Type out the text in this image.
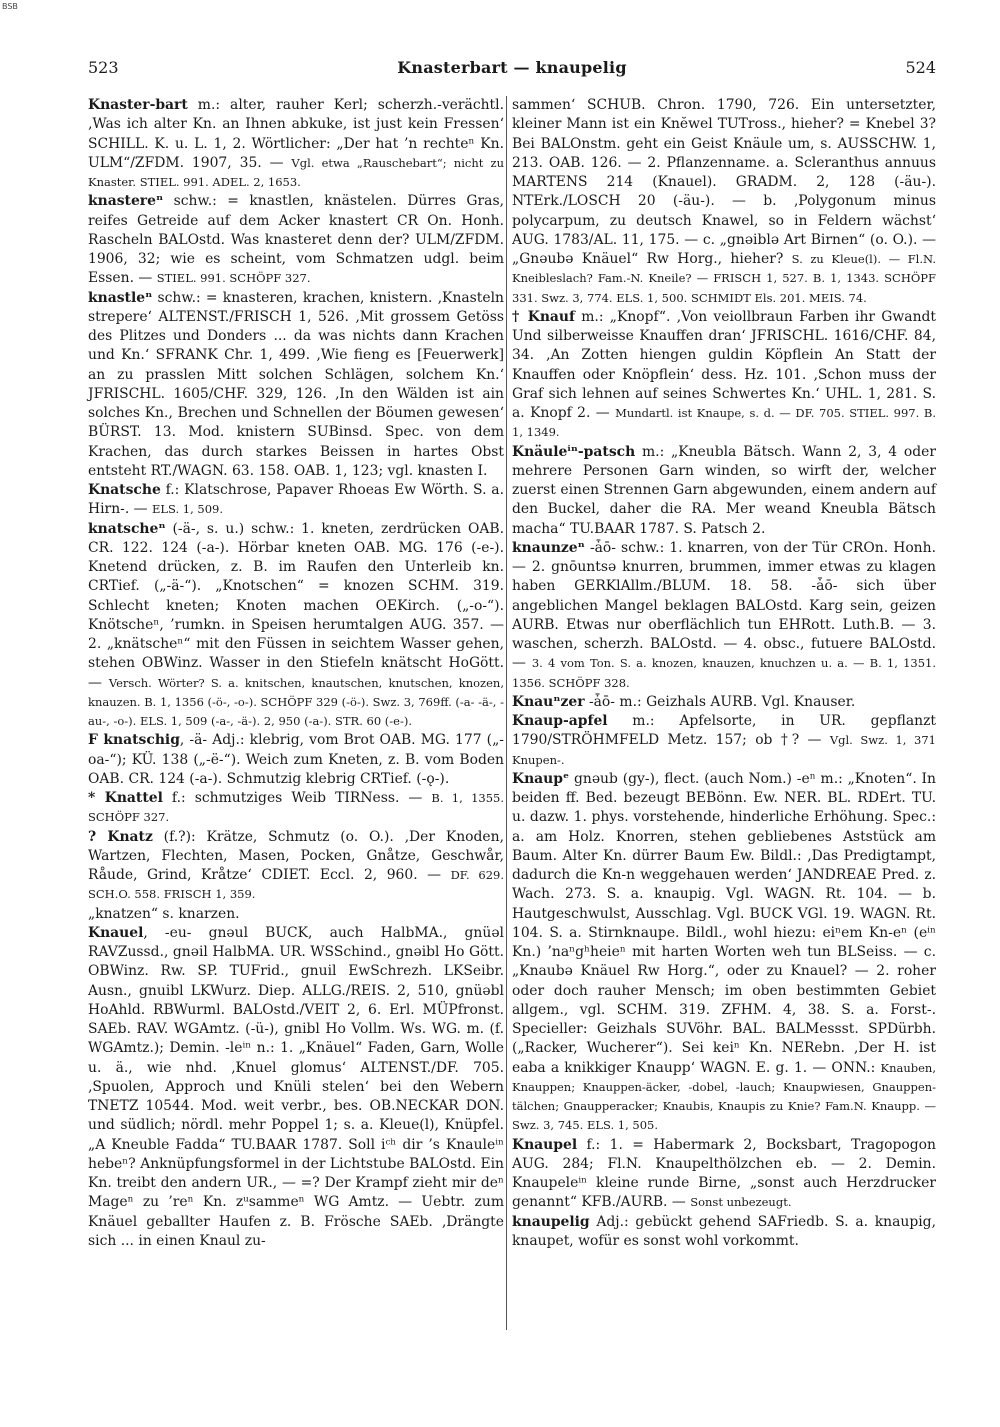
BSB
523	Knasterbart — knaupelig	524

Knaster-bart m.: alter, rauher Kerl; scherzh.-verächtl. ‚Was ich alter Kn. an Ihnen abkuke, ist just kein Fressen‘ SCHILL. K. u. L. 1, 2. Wörtlicher: „Der hat ’n rechteⁿ Kn. ULM“/ZFDM. 1907, 35. — Vgl. etwa „Rauschebart“; nicht zu Knaster. STIEL. 991. ADEL. 2, 1653.

knastereⁿ schw.: = knastlen, knästelen. Dürres Gras, reifes Getreide auf dem Acker knastert CR On. Honh. Rascheln BALOstd. Was knasteret denn der? ULM/ZFDM. 1906, 32; wie es scheint, vom Schmatzen udgl. beim Essen. — STIEL. 991. SCHÖPF 327.

knastleⁿ schw.: = knasteren, krachen, knistern. ‚Knasteln strepere‘ ALTENST./FRISCH 1, 526. ‚Mit grossem Getöss des Plitzes und Donders ... da was nichts dann Krachen und Kn.‘ SFRANK Chr. 1, 499. ‚Wie fieng es [Feuerwerk] an zu prasslen Mitt solchen Schlägen, solchem Kn.‘ JFRISCHL. 1605/CHF. 329, 126. ‚In den Wälden ist ain solches Kn., Brechen und Schnellen der Böumen gewesen‘ BÜRST. 13. Mod. knistern SUBinsd. Spec. von dem Krachen, das durch starkes Beissen in hartes Obst entsteht RT./WAGN. 63. 158. OAB. 1, 123; vgl. knasten I.

Knatsche f.: Klatschrose, Papaver Rhoeas Ew Wörth. S. a. Hirn-. — ELS. 1, 509.

knatscheⁿ (-ä-, s. u.) schw.: 1. kneten, zerdrücken OAB. CR. 122. 124 (-a-). Hörbar kneten OAB. MG. 176 (-e-). Knetend drücken, z. B. im Raufen den Unterleib kn. CRTief. („-ä-“). „Knotschen“ = knozen SCHM. 319. Schlecht kneten; Knoten machen OEKirch. („-o-“). Knötscheⁿ, ’rumkn. in Speisen herumtalgen AUG. 357. — 2. „knätscheⁿ“ mit den Füssen in seichtem Wasser gehen, stehen OBWinz. Wasser in den Stiefeln knätscht HoGött. — Versch. Wörter? S. a. knitschen, knautschen, knutschen, knozen, knauzen. B. 1, 1356 (-ö-, -o-). SCHÖPF 329 (-ö-). Swz. 3, 769ff. (-a- -ä-, -au-, -o-). ELS. 1, 509 (-a-, -ä-). 2, 950 (-a-). STR. 60 (-e-).

F knatschig, -ä- Adj.: klebrig, vom Brot OAB. MG. 177 („-oa-“); KÜ. 138 („-ë-“). Weich zum Kneten, z. B. vom Boden OAB. CR. 124 (-a-). Schmutzig klebrig CRTief. (-ǫ-).

* Knattel f.: schmutziges Weib TIRNess. — B. 1, 1355. SCHÖPF 327.

? Knatz (f.?): Krätze, Schmutz (o. O.). ‚Der Knoden, Wartzen, Flechten, Masen, Pocken, Gnåtze, Geschwår, Råude, Grind, Kråtze‘ CDIET. Eccl. 2, 960. — DF. 629. SCH.O. 558. FRISCH 1, 359.

„knatzen“ s. knarzen.

Knauel, -eu- gnəul BUCK, auch HalbMA., gnüəl RAVZussd., gnəil HalbMA. UR. WSSchind., gnəibl Ho Gött. OBWinz. Rw. SP. TUFrid., gnuil EwSchrezh. LKSeibr. Ausn., gnuibl LKWurz. Diep. ALLG./REIS. 2, 510, gnüəbl HoAhld. RBWurml. BALOstd./VEIT 2, 6. Erl. MÜPfronst. SAEb. RAV. WGAmtz. (-ü-), gnibl Ho Vollm. Ws. WG. m. (f. WGAmtz.); Demin. -leⁱⁿ n.: 1. „Knäuel“ Faden, Garn, Wolle u. ä., wie nhd. ‚Knuel glomus‘ ALTENST./DF. 705. ‚Spuolen, Approch und Knüli stelen‘ bei den Webern TNETZ 10544. Mod. weit verbr., bes. OB.NECKAR DON. und südlich; nördl. mehr Poppel 1; s. a. Kleue(l), Knüpfel. „A Kneuble Fadda“ TU.BAAR 1787. Soll iᶜʰ dir ’s Knauleⁱⁿ hebeⁿ? Anknüpfungsformel in der Lichtstube BALOstd. Ein Kn. treibt den andern UR., — =? Der Krampf zieht mir deⁿ Mageⁿ zu ’reⁿ Kn. zᵘsammeⁿ WG Amtz. — Uebtr. zum Knäuel geballter Haufen z. B. Frösche SAEb. ‚Drängte sich ... in einen Knaul zu-

sammen‘ SCHUB. Chron. 1790, 726. Ein untersetzter, kleiner Mann ist ein Knĕwel TUTross., hieher? = Knebel 3? Bei BALOnstm. geht ein Geist Knäule um, s. AUSSCHW. 1, 213. OAB. 126. — 2. Pflanzenname. a. Scleranthus annuus MARTENS 214 (Knauel). GRADM. 2, 128 (-äu-). NTErk./LOSCH 20 (-äu-). — b. ‚Polygonum minus polycarpum, zu deutsch Knawel, so in Feldern wächst‘ AUG. 1783/AL. 11, 175. — c. „gnəiblə Art Birnen“ (o. O.). — „Gnəubə Knäuel“ Rw Horg., hieher? S. zu Kleue(l). — Fl.N. Kneibleslach? Fam.-N. Kneile? — FRISCH 1, 527. B. 1, 1343. SCHÖPF 331. Swz. 3, 774. ELS. 1, 500. SCHMIDT Els. 201. MEIS. 74.

† Knauf m.: „Knopf“. ‚Von veiollbraun Farben ihr Gwandt Und silberweisse Knauffen dran‘ JFRISCHL. 1616/CHF. 84, 34. ‚An Zotten hiengen guldin Köpflein An Statt der Knauffen oder Knöpflein‘ dess. Hz. 101. ‚Schon muss der Graf sich lehnen auf seines Schwertes Kn.‘ UHL. 1, 281. S. a. Knopf 2. — Mundartl. ist Knaupe, s. d. — DF. 705. STIEL. 997. B. 1, 1349.

Knäuleⁱⁿ-patsch m.: „Kneubla Bätsch. Wann 2, 3, 4 oder mehrere Personen Garn winden, so wirft der, welcher zuerst einen Strennen Garn abgewunden, einem andern auf den Buckel, daher die RA. Mer weand Kneubla Bätsch macha“ TU.BAAR 1787. S. Patsch 2.

knaunzeⁿ -ǡō- schw.: 1. knarren, von der Tür CROn. Honh. — 2. gnōuntsə knurren, brummen, immer etwas zu klagen haben GERKlAllm./BLUM. 18. 58. -ǡō- sich über angeblichen Mangel beklagen BALOstd. Karg sein, geizen AURB. Etwas nur oberflächlich tun EHRott. Luth.B. — 3. waschen, scherzh. BALOstd. — 4. obsc., futuere BALOstd. — 3. 4 vom Ton. S. a. knozen, knauzen, knuchzen u. a. — B. 1, 1351. 1356. SCHÖPF 328.

Knauⁿzer -ǡō- m.: Geizhals AURB. Vgl. Knauser.

Knaup-apfel m.: Apfelsorte, in UR. gepflanzt 1790/STRÖHMFELD Metz. 157; ob †? — Vgl. Swz. 1, 371 Knupen-.

Knaupᵉ gnəub (gy-), flect. (auch Nom.) -eⁿ m.: „Knoten“. In beiden ff. Bed. bezeugt BEBönn. Ew. NER. BL. RDErt. TU. u. dazw. 1. phys. vorstehende, hinderliche Erhöhung. Spec.: a. am Holz. Knorren, stehen gebliebenes Aststück am Baum. Alter Kn. dürrer Baum Ew. Bildl.: ‚Das Predigtampt, dadurch die Kn-n weggehauen werden‘ JANDREAE Pred. z. Wach. 273. S. a. knaupig. Vgl. WAGN. Rt. 104. — b. Hautgeschwulst, Ausschlag. Vgl. BUCK VGl. 19. WAGN. Rt. 104. S. a. Stirnknaupe. Bildl., wohl hiezu: eiⁿem Kn-eⁿ (eⁱⁿ Kn.) ’naⁿgʰheieⁿ mit harten Worten weh tun BLSeiss. — c. „Knaubə Knäuel Rw Horg.“, oder zu Knauel? — 2. roher oder doch rauher Mensch; im oben bestimmten Gebiet allgem., vgl. SCHM. 319. ZFHM. 4, 38. S. a. Forst-. Specieller: Geizhals SUVöhr. BAL. BALMessst. SPDürbh. („Racker, Wucherer“). Sei keiⁿ Kn. NERebn. ‚Der H. ist eaba a knikkiger Knaupp‘ WAGN. E. g. 1. — ONN.: Knauben, Knauppen; Knauppen-äcker, -dobel, -lauch; Knaupwiesen, Gnauppen-tälchen; Gnaupperacker; Knaubis, Knaupis zu Knie? Fam.N. Knaupp. — Swz. 3, 745. ELS. 1, 505.

Knaupel f.: 1. = Habermark 2, Bocksbart, Tragopogon AUG. 284; Fl.N. Knaupelthölzchen eb. — 2. Demin. Knaupeleⁱⁿ kleine runde Birne, „sonst auch Herzdrucker genannt“ KFB./AURB. — Sonst unbezeugt.

knaupelig Adj.: gebückt gehend SAFriedb. S. a. knaupig, knaupet, wofür es sonst wohl vorkommt.
